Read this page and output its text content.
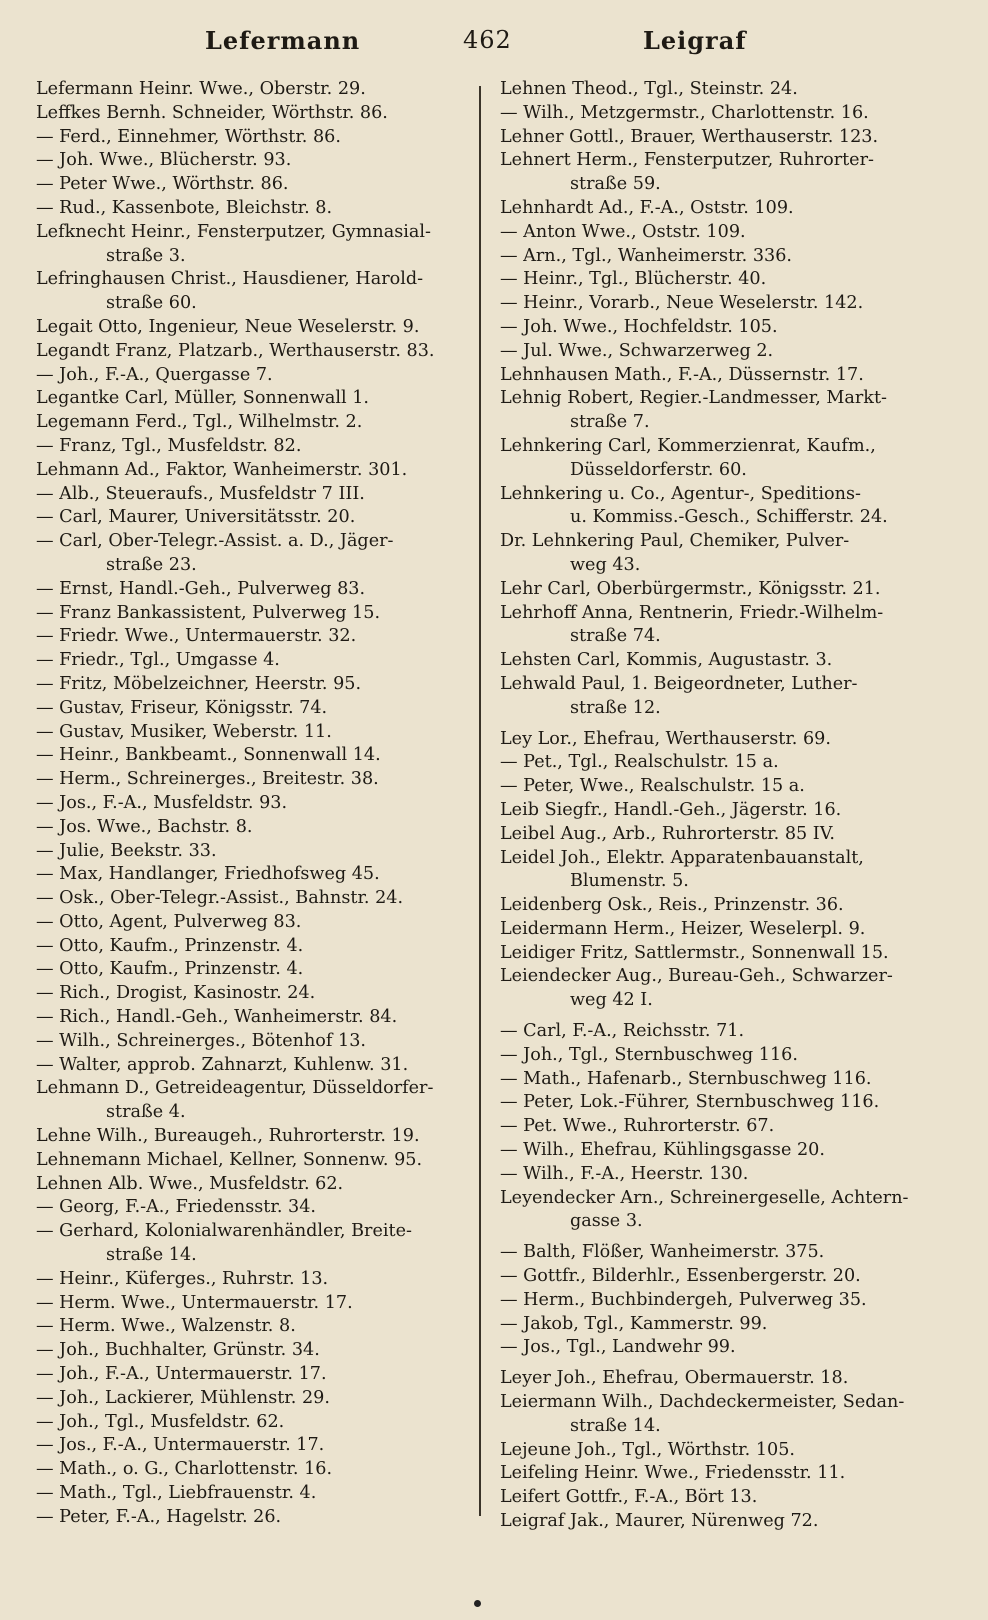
Lefermann	462	Leigraf
Lefermann Heinr. Wwe., Oberstr. 29.
Leffkes Bernh. Schneider, Wörthstr. 86.
— Ferd., Einnehmer, Wörthstr. 86.
— Joh. Wwe., Blücherstr. 93.
— Peter Wwe., Wörthstr. 86.
— Rud., Kassenbote, Bleichstr. 8.
Lefknecht Heinr., Fensterputzer, Gymnasial-
straße 3.
Lefringhausen Christ., Hausdiener, Harold-
straße 60.
Legait Otto, Ingenieur, Neue Weselerstr. 9.
Legandt Franz, Platzarb., Werthauserstr. 83.
— Joh., F.-A., Quergasse 7.
Legantke Carl, Müller, Sonnenwall 1.
Legemann Ferd., Tgl., Wilhelmstr. 2.
— Franz, Tgl., Musfeldstr. 82.
Lehmann Ad., Faktor, Wanheimerstr. 301.
— Alb., Steueraufs., Musfeldstr 7 III.
— Carl, Maurer, Universitätsstr. 20.
— Carl, Ober-Telegr.-Assist. a. D., Jäger-
straße 23.
— Ernst, Handl.-Geh., Pulverweg 83.
— Franz Bankassistent, Pulverweg 15.
— Friedr. Wwe., Untermauerstr. 32.
— Friedr., Tgl., Umgasse 4.
— Fritz, Möbelzeichner, Heerstr. 95.
— Gustav, Friseur, Königsstr. 74.
— Gustav, Musiker, Weberstr. 11.
— Heinr., Bankbeamt., Sonnenwall 14.
— Herm., Schreinerges., Breitestr. 38.
— Jos., F.-A., Musfeldstr. 93.
— Jos. Wwe., Bachstr. 8.
— Julie, Beekstr. 33.
— Max, Handlanger, Friedhofsweg 45.
— Osk., Ober-Telegr.-Assist., Bahnstr. 24.
— Otto, Agent, Pulverweg 83.
— Otto, Kaufm., Prinzenstr. 4.
— Otto, Kaufm., Prinzenstr. 4.
— Rich., Drogist, Kasinostr. 24.
— Rich., Handl.-Geh., Wanheimerstr. 84.
— Wilh., Schreinerges., Bötenhof 13.
— Walter, approb. Zahnarzt, Kuhlenw. 31.
Lehmann D., Getreideagentur, Düsseldorfer-
straße 4.
Lehne Wilh., Bureaugeh., Ruhrorterstr. 19.
Lehnemann Michael, Kellner, Sonnenw. 95.
Lehnen Alb. Wwe., Musfeldstr. 62.
— Georg, F.-A., Friedensstr. 34.
— Gerhard, Kolonialwarenhändler, Breite-
straße 14.
— Heinr., Küferges., Ruhrstr. 13.
— Herm. Wwe., Untermauerstr. 17.
— Herm. Wwe., Walzenstr. 8.
— Joh., Buchhalter, Grünstr. 34.
— Joh., F.-A., Untermauerstr. 17.
— Joh., Lackierer, Mühlenstr. 29.
— Joh., Tgl., Musfeldstr. 62.
— Jos., F.-A., Untermauerstr. 17.
— Math., o. G., Charlottenstr. 16.
— Math., Tgl., Liebfrauenstr. 4.
— Peter, F.-A., Hagelstr. 26.
Lehnen Theod., Tgl., Steinstr. 24.
— Wilh., Metzgermstr., Charlottenstr. 16.
Lehner Gottl., Brauer, Werthauserstr. 123.
Lehnert Herm., Fensterputzer, Ruhrorter-
straße 59.
Lehnhardt Ad., F.-A., Oststr. 109.
— Anton Wwe., Oststr. 109.
— Arn., Tgl., Wanheimerstr. 336.
— Heinr., Tgl., Blücherstr. 40.
— Heinr., Vorarb., Neue Weselerstr. 142.
— Joh. Wwe., Hochfeldstr. 105.
— Jul. Wwe., Schwarzerweg 2.
Lehnhausen Math., F.-A., Düssernstr. 17.
Lehnig Robert, Regier.-Landmesser, Markt-
straße 7.
Lehnkering Carl, Kommerzienrat, Kaufm.,
Düsseldorferstr. 60.
Lehnkering u. Co., Agentur-, Speditions-
u. Kommiss.-Gesch., Schifferstr. 24.
Dr. Lehnkering Paul, Chemiker, Pulver-
weg 43.
Lehr Carl, Oberbürgermstr., Königsstr. 21.
Lehrhoff Anna, Rentnerin, Friedr.-Wilhelm-
straße 74.
Lehsten Carl, Kommis, Augustastr. 3.
Lehwald Paul, 1. Beigeordneter, Luther-
straße 12.
Ley Lor., Ehefrau, Werthauserstr. 69.
— Pet., Tgl., Realschulstr. 15 a.
— Peter, Wwe., Realschulstr. 15 a.
Leib Siegfr., Handl.-Geh., Jägerstr. 16.
Leibel Aug., Arb., Ruhrorterstr. 85 IV.
Leidel Joh., Elektr. Apparatenbauanstalt,
Blumenstr. 5.
Leidenberg Osk., Reis., Prinzenstr. 36.
Leidermann Herm., Heizer, Weselerpl. 9.
Leidiger Fritz, Sattlermstr., Sonnenwall 15.
Leiendecker Aug., Bureau-Geh., Schwarzer-
weg 42 I.
— Carl, F.-A., Reichsstr. 71.
— Joh., Tgl., Sternbuschweg 116.
— Math., Hafenarb., Sternbuschweg 116.
— Peter, Lok.-Führer, Sternbuschweg 116.
— Pet. Wwe., Ruhrorterstr. 67.
— Wilh., Ehefrau, Kühlingsgasse 20.
— Wilh., F.-A., Heerstr. 130.
Leyendecker Arn., Schreinergeselle, Achtern-
gasse 3.
— Balth, Flößer, Wanheimerstr. 375.
— Gottfr., Bilderhlr., Essenbergerstr. 20.
— Herm., Buchbindergeh, Pulverweg 35.
— Jakob, Tgl., Kammerstr. 99.
— Jos., Tgl., Landwehr 99.
Leyer Joh., Ehefrau, Obermauerstr. 18.
Leiermann Wilh., Dachdeckermeister, Sedan-
straße 14.
Lejeune Joh., Tgl., Wörthstr. 105.
Leifeling Heinr. Wwe., Friedensstr. 11.
Leifert Gottfr., F.-A., Bört 13.
Leigraf Jak., Maurer, Nürenweg 72.
